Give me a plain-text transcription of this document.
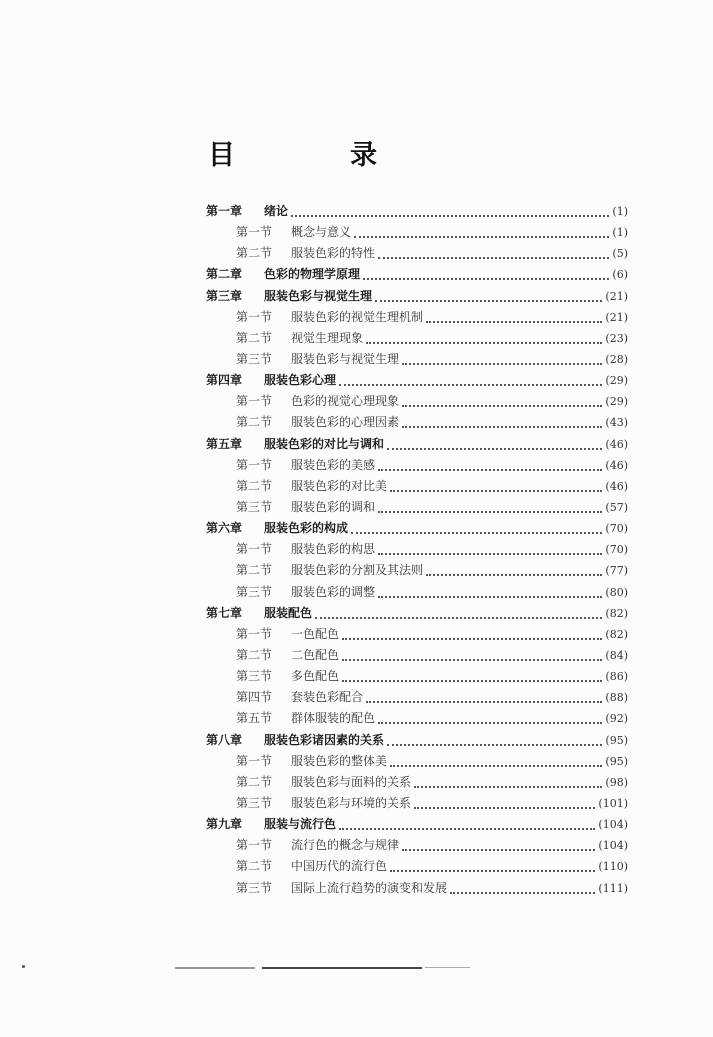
目　录
第一章	绪论	(1)
第一节	概念与意义	(1)
第二节	服装色彩的特性	(5)
第二章	色彩的物理学原理	(6)
第三章	服装色彩与视觉生理	(21)
第一节	服装色彩的视觉生理机制	(21)
第二节	视觉生理现象	(23)
第三节	服装色彩与视觉生理	(28)
第四章	服装色彩心理	(29)
第一节	色彩的视觉心理现象	(29)
第二节	服装色彩的心理因素	(43)
第五章	服装色彩的对比与调和	(46)
第一节	服装色彩的美感	(46)
第二节	服装色彩的对比美	(46)
第三节	服装色彩的调和	(57)
第六章	服装色彩的构成	(70)
第一节	服装色彩的构思	(70)
第二节	服装色彩的分割及其法则	(77)
第三节	服装色彩的调整	(80)
第七章	服装配色	(82)
第一节	一色配色	(82)
第二节	二色配色	(84)
第三节	多色配色	(86)
第四节	套装色彩配合	(88)
第五节	群体服装的配色	(92)
第八章	服装色彩诸因素的关系	(95)
第一节	服装色彩的整体美	(95)
第二节	服装色彩与面料的关系	(98)
第三节	服装色彩与环境的关系	(101)
第九章	服装与流行色	(104)
第一节	流行色的概念与规律	(104)
第二节	中国历代的流行色	(110)
第三节	国际上流行趋势的演变和发展	(111)
